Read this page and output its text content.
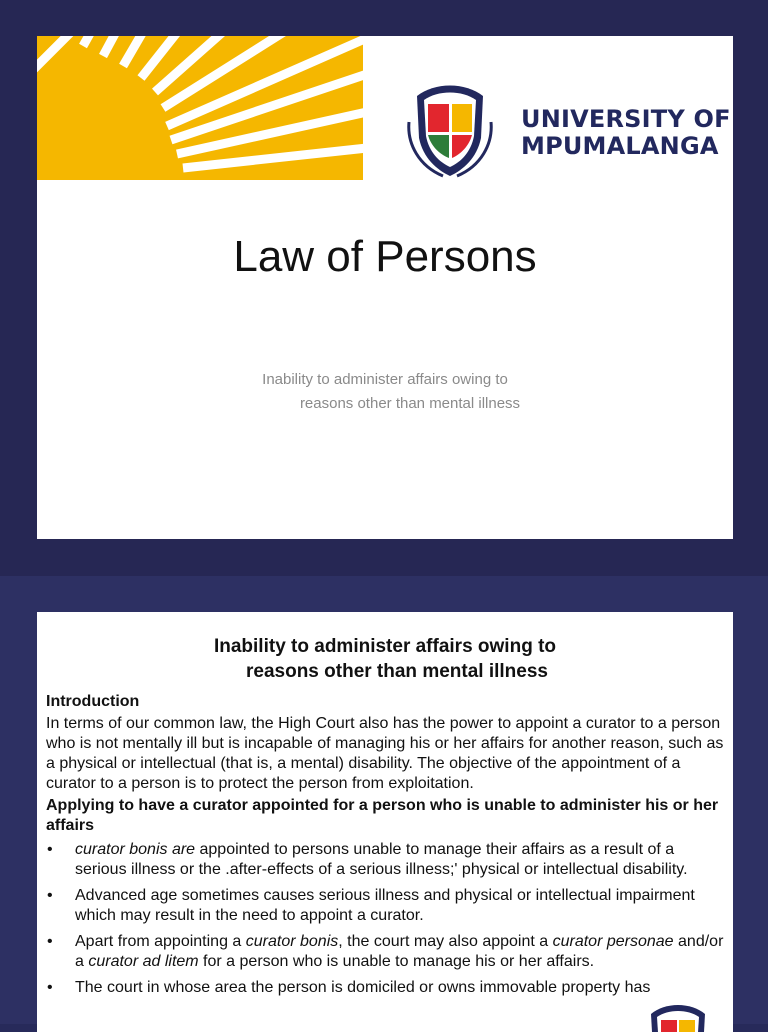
UNIVERSITY OF
MPUMALANGA
Law of Persons
Inability to administer affairs owing to
reasons other than mental illness
Inability to administer affairs owing to
reasons other than mental illness
Introduction

In terms of our common law, the High Court also has the power to appoint a curator to a person who is not mentally ill but is incapable of managing his or her affairs for another reason, such as a physical or intellectual (that is, a mental) disability. The objective of the appointment of a curator to a person is to protect the person from exploitation.

Applying to have a curator appointed for a person who is unable to administer his or her affairs
• curator bonis are appointed to persons unable to manage their affairs as a result of a serious illness or the .after-effects of a serious illness;' physical or intellectual disability.
• Advanced age sometimes causes serious illness and physical or intellectual impairment which may result in the need to appoint a curator.
• Apart from appointing a curator bonis, the court may also appoint a curator personae and/or a curator ad litem for a person who is unable to manage his or her affairs.
• The court in whose area the person is domiciled or owns immovable property has
